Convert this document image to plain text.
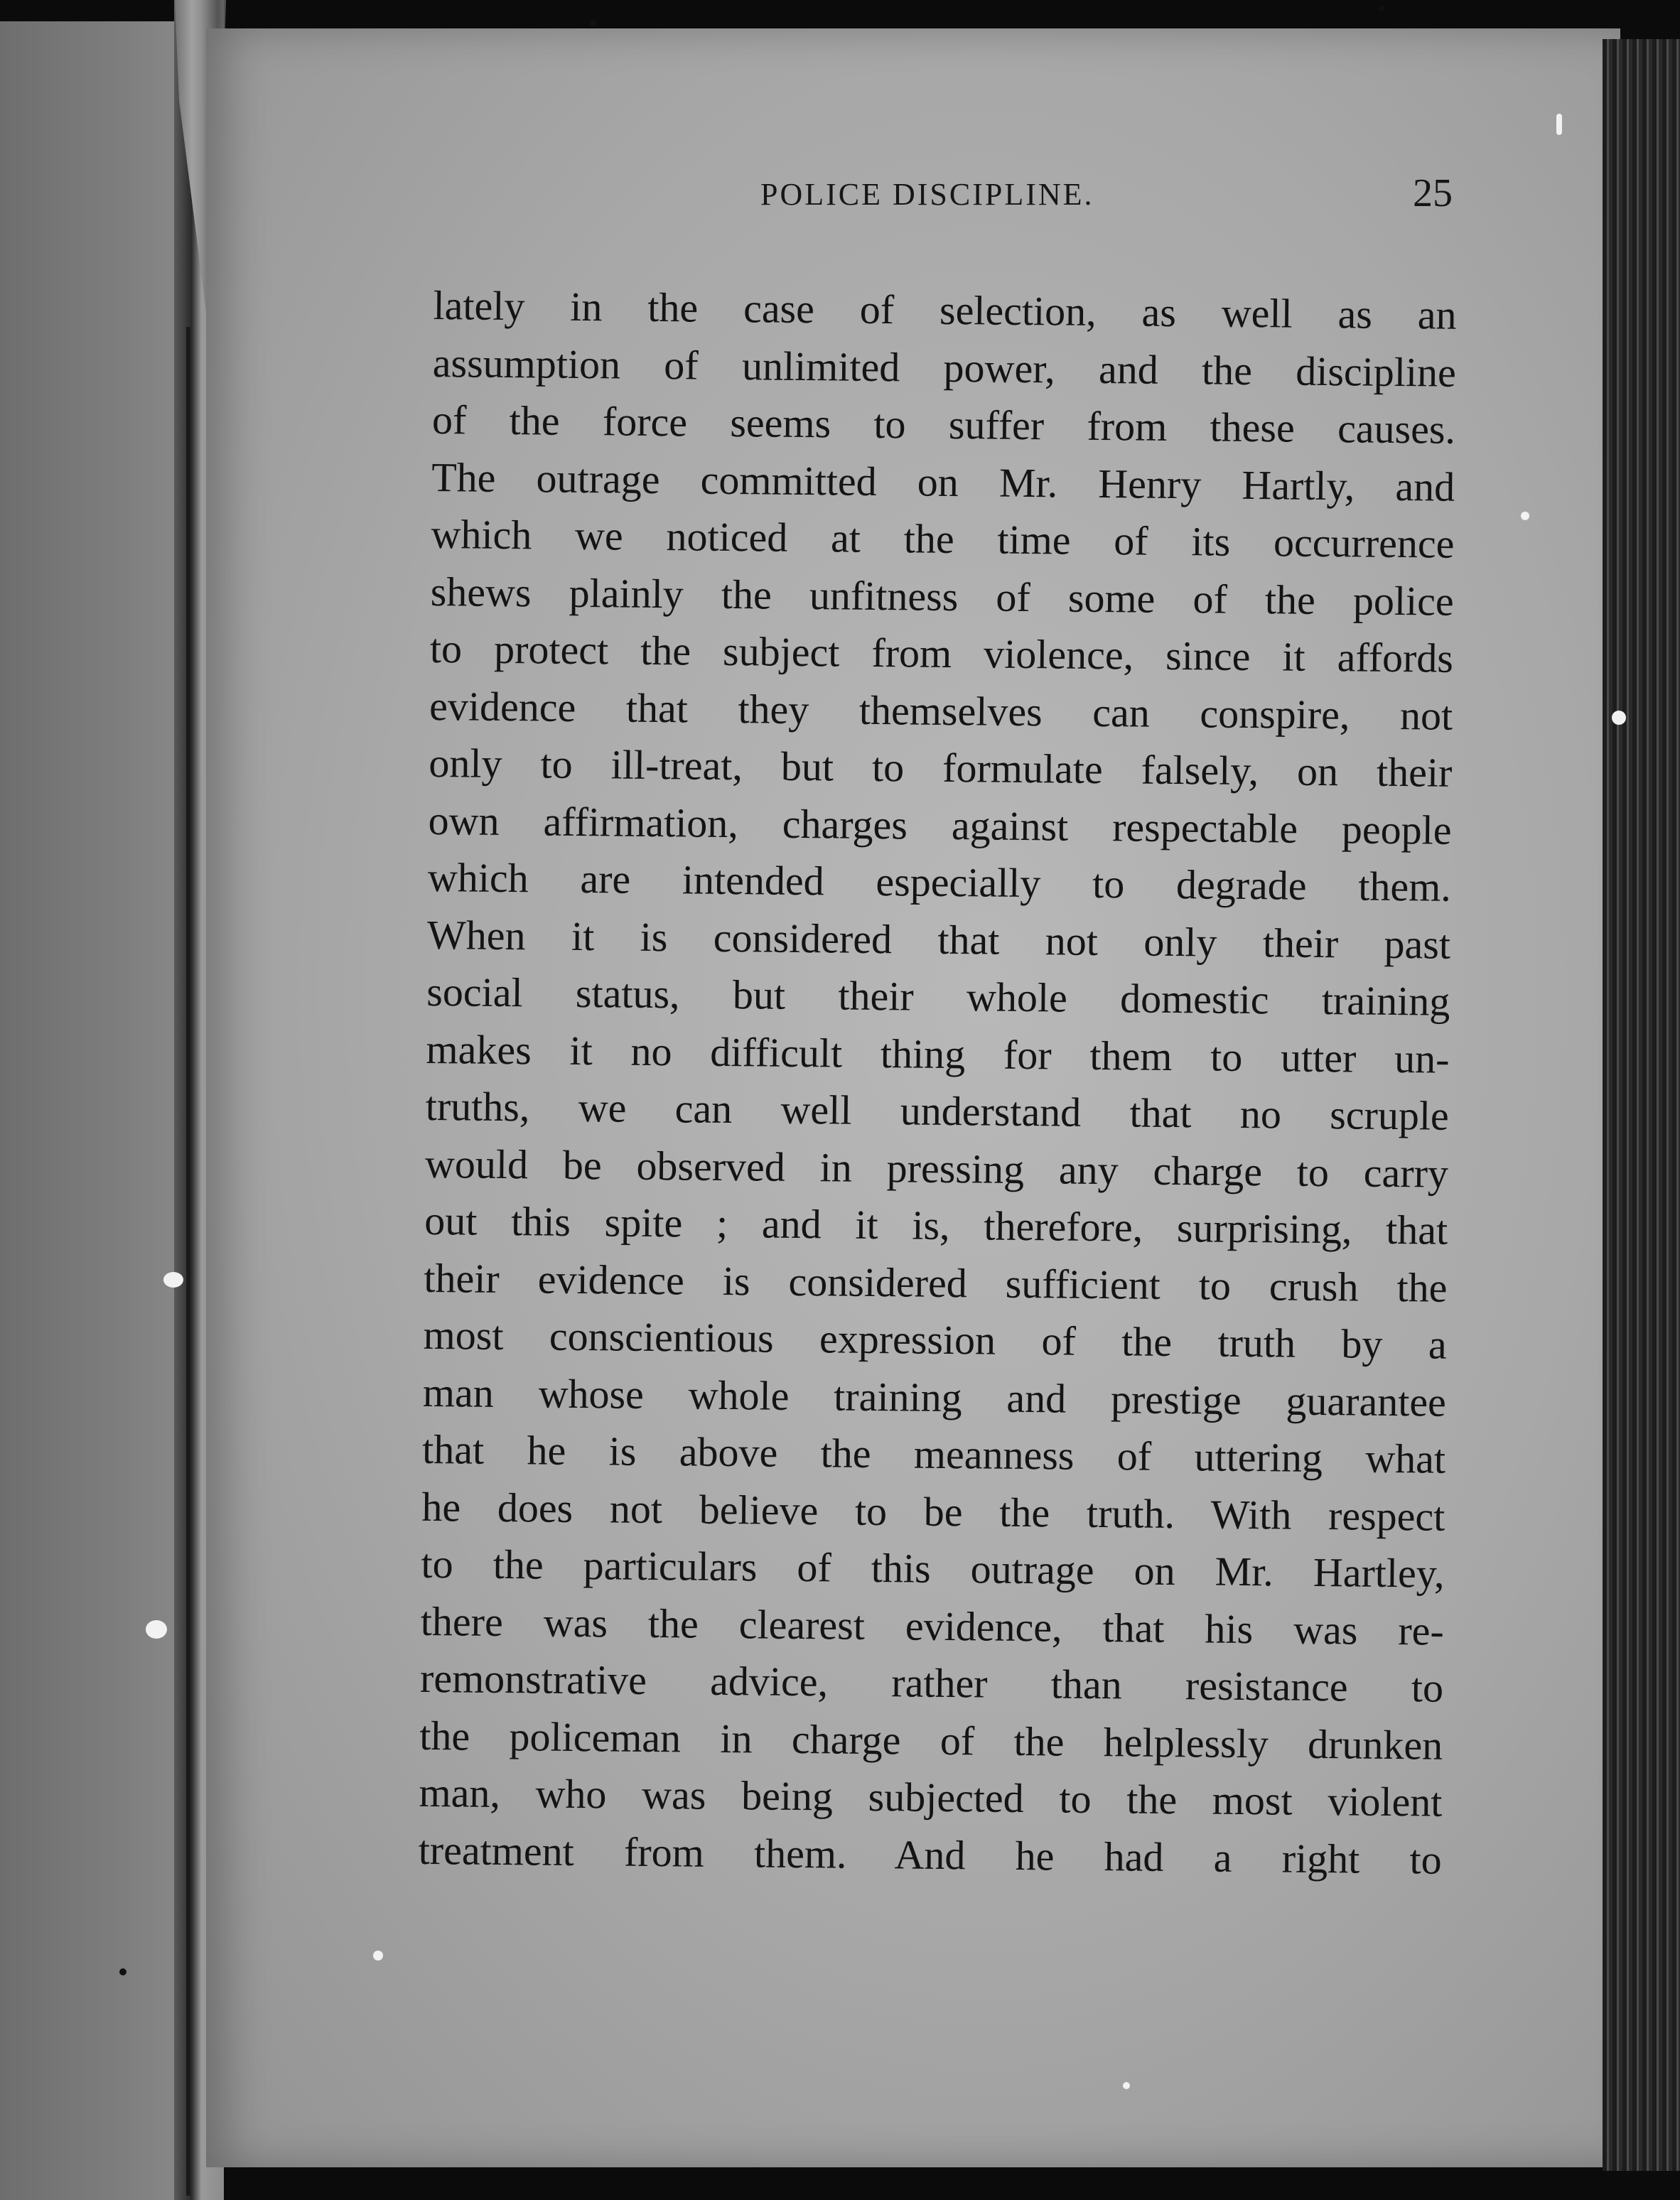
POLICE DISCIPLINE.	25
lately in the case of selection, as well as an
assumption of unlimited power, and the discipline
of the force seems to suffer from these causes.
The outrage committed on Mr. Henry Hartly, and
which we noticed at the time of its occurrence
shews plainly the unfitness of some of the police
to protect the subject from violence, since it affords
evidence that they themselves can conspire, not
only to ill-treat, but to formulate falsely, on their
own affirmation, charges against respectable people
which are intended especially to degrade them.
When it is considered that not only their past
social status, but their whole domestic training
makes it no difficult thing for them to utter un-
truths, we can well understand that no scruple
would be observed in pressing any charge to carry
out this spite ; and it is, therefore, surprising, that
their evidence is considered sufficient to crush the
most conscientious expression of the truth by a
man whose whole training and prestige guarantee
that he is above the meanness of uttering what
he does not believe to be the truth. With respect
to the particulars of this outrage on Mr. Hartley,
there was the clearest evidence, that his was re-
remonstrative advice, rather than resistance to
the policeman in charge of the helplessly drunken
man, who was being subjected to the most violent
treatment from them. And he had a right to
